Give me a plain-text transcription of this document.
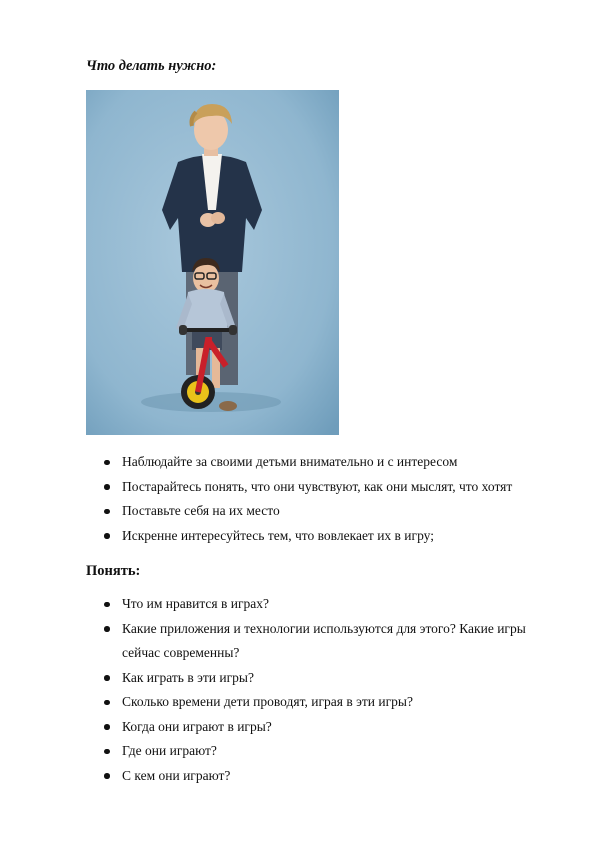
Что делать нужно:

Наблюдайте за своими детьми внимательно и с интересом
Постарайтесь понять, что они чувствуют, как они мыслят, что хотят
Поставьте себя на их место
Искренне интересуйтесь тем, что вовлекает их в игру;

Понять:

Что им нравится в играх?
Какие приложения и технологии используются для этого? Какие игры сейчас современны?
Как играть в эти игры?
Сколько времени дети проводят, играя в эти игры?
Когда они играют в игры?
Где они играют?
С кем они играют?
